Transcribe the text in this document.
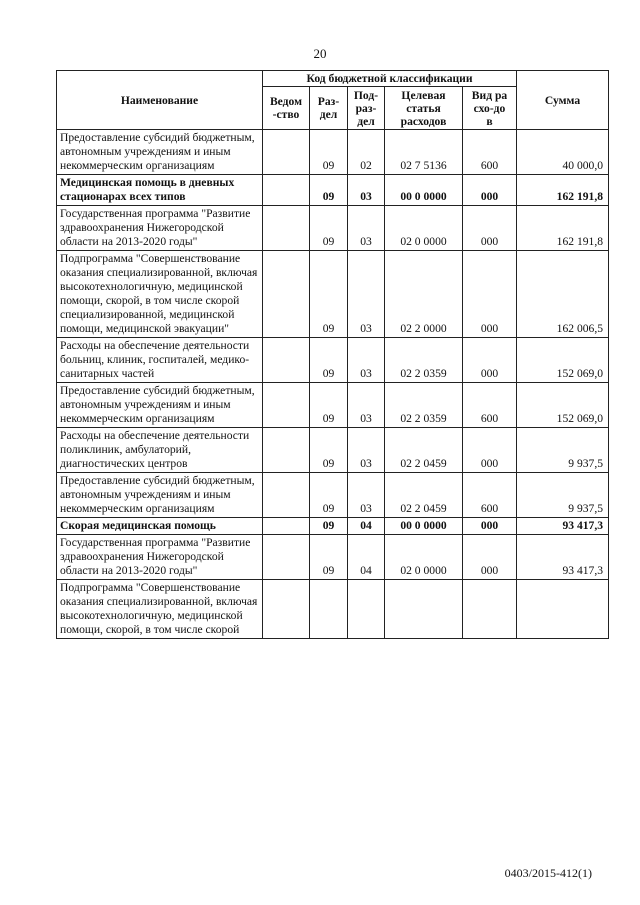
20
Наименование	Код бюджетной классификации					Сумма
	Ведом-ство	Раз-дел	Под-раз-дел	Целевая статья расходов	Вид расхо-дов	
Предоставление субсидий бюджетным, автономным учреждениям и иным некоммерческим организациям		09	02	02 7 5136	600	40 000,0
Медицинская помощь в дневных стационарах всех типов		09	03	00 0 0000	000	162 191,8
Государственная программа "Развитие здравоохранения Нижегородской области на 2013-2020 годы"		09	03	02 0 0000	000	162 191,8
Подпрограмма "Совершенствование оказания специализированной, включая высокотехнологичную, медицинской помощи, скорой, в том числе скорой специализированной, медицинской помощи, медицинской эвакуации"		09	03	02 2 0000	000	162 006,5
Расходы на обеспечение деятельности больниц, клиник, госпиталей, медико-санитарных частей		09	03	02 2 0359	000	152 069,0
Предоставление субсидий бюджетным, автономным учреждениям и иным некоммерческим организациям		09	03	02 2 0359	600	152 069,0
Расходы на обеспечение деятельности поликлиник, амбулаторий, диагностических центров		09	03	02 2 0459	000	9 937,5
Предоставление субсидий бюджетным, автономным учреждениям и иным некоммерческим организациям		09	03	02 2 0459	600	9 937,5
Скорая медицинская помощь		09	04	00 0 0000	000	93 417,3
Государственная программа "Развитие здравоохранения Нижегородской области на 2013-2020 годы"		09	04	02 0 0000	000	93 417,3
Подпрограмма "Совершенствование оказания специализированной, включая высокотехнологичную, медицинской помощи, скорой, в том числе скорой						
0403/2015-412(1)
